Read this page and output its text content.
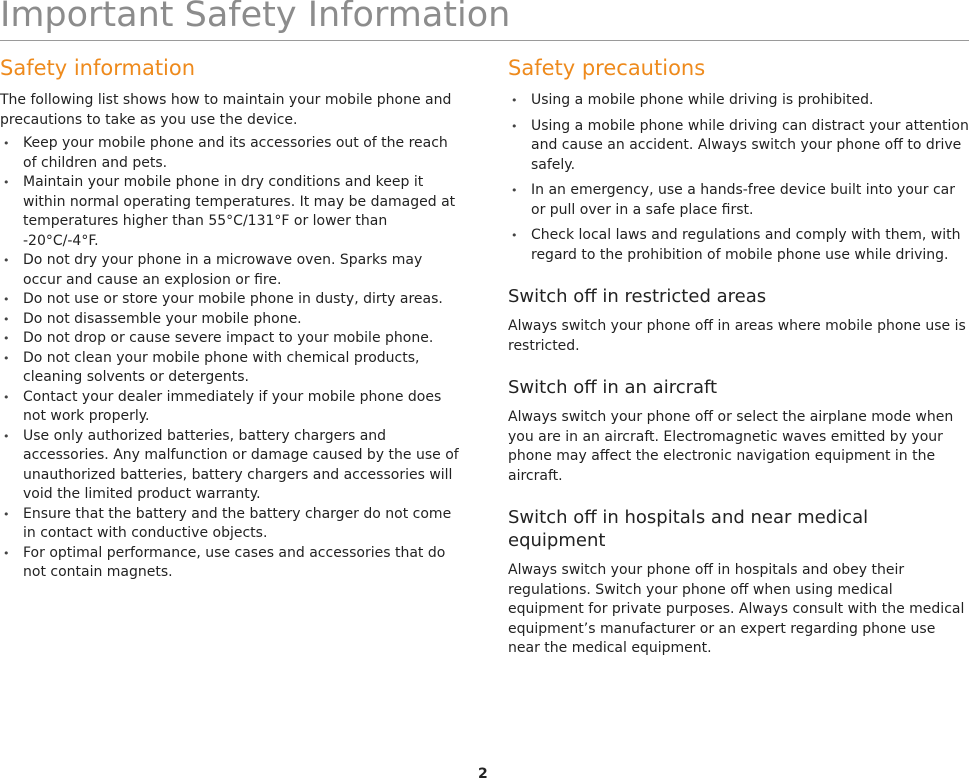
Important Safety Information
Safety information

The following list shows how to maintain your mobile phone and precautions to take as you use the device.

• Keep your mobile phone and its accessories out of the reach of children and pets.
• Maintain your mobile phone in dry conditions and keep it within normal operating temperatures. It may be damaged at temperatures higher than 55°C/131°F or lower than -20°C/-4°F.
• Do not dry your phone in a microwave oven. Sparks may occur and cause an explosion or fire.
• Do not use or store your mobile phone in dusty, dirty areas.
• Do not disassemble your mobile phone.
• Do not drop or cause severe impact to your mobile phone.
• Do not clean your mobile phone with chemical products, cleaning solvents or detergents.
• Contact your dealer immediately if your mobile phone does not work properly.
• Use only authorized batteries, battery chargers and accessories. Any malfunction or damage caused by the use of unauthorized batteries, battery chargers and accessories will void the limited product warranty.
• Ensure that the battery and the battery charger do not come in contact with conductive objects.
• For optimal performance, use cases and accessories that do not contain magnets.
Safety precautions
• Using a mobile phone while driving is prohibited.
• Using a mobile phone while driving can distract your attention and cause an accident. Always switch your phone off to drive safely.
• In an emergency, use a hands-free device built into your car or pull over in a safe place first.
• Check local laws and regulations and comply with them, with regard to the prohibition of mobile phone use while driving.
Switch off in restricted areas

Always switch your phone off in areas where mobile phone use is restricted.

Switch off in an aircraft

Always switch your phone off or select the airplane mode when you are in an aircraft. Electromagnetic waves emitted by your phone may affect the electronic navigation equipment in the aircraft.

Switch off in hospitals and near medical equipment

Always switch your phone off in hospitals and obey their regulations. Switch your phone off when using medical equipment for private purposes. Always consult with the medical equipment’s manufacturer or an expert regarding phone use near the medical equipment.

2
